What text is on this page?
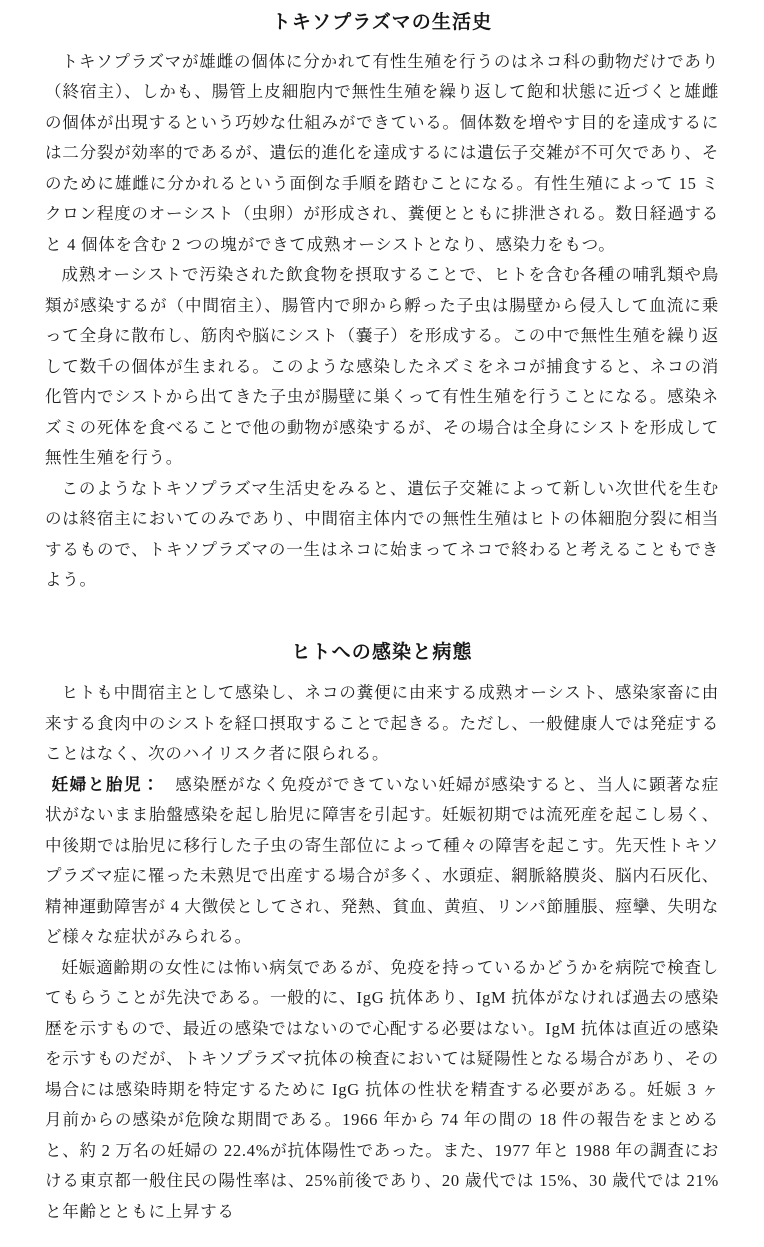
トキソプラズマの生活史

トキソプラズマが雄雌の個体に分かれて有性生殖を行うのはネコ科の動物だけであり（終宿主）、しかも、腸管上皮細胞内で無性生殖を繰り返して飽和状態に近づくと雄雌の個体が出現するという巧妙な仕組みができている。個体数を増やす目的を達成するには二分裂が効率的であるが、遺伝的進化を達成するには遺伝子交雑が不可欠であり、そのために雄雌に分かれるという面倒な手順を踏むことになる。有性生殖によって 15 ミクロン程度のオーシスト（虫卵）が形成され、糞便とともに排泄される。数日経過すると 4 個体を含む 2 つの塊ができて成熟オーシストとなり、感染力をもつ。

成熟オーシストで汚染された飲食物を摂取することで、ヒトを含む各種の哺乳類や鳥類が感染するが（中間宿主）、腸管内で卵から孵った子虫は腸壁から侵入して血流に乗って全身に散布し、筋肉や脳にシスト（嚢子）を形成する。この中で無性生殖を繰り返して数千の個体が生まれる。このような感染したネズミをネコが捕食すると、ネコの消化管内でシストから出てきた子虫が腸壁に巣くって有性生殖を行うことになる。感染ネズミの死体を食べることで他の動物が感染するが、その場合は全身にシストを形成して無性生殖を行う。

このようなトキソプラズマ生活史をみると、遺伝子交雑によって新しい次世代を生むのは終宿主においてのみであり、中間宿主体内での無性生殖はヒトの体細胞分裂に相当するもので、トキソプラズマの一生はネコに始まってネコで終わると考えることもできよう。

ヒトへの感染と病態

ヒトも中間宿主として感染し、ネコの糞便に由来する成熟オーシスト、感染家畜に由来する食肉中のシストを経口摂取することで起きる。ただし、一般健康人では発症することはなく、次のハイリスク者に限られる。

妊婦と胎児： 感染歴がなく免疫ができていない妊婦が感染すると、当人に顕著な症状がないまま胎盤感染を起し胎児に障害を引起す。妊娠初期では流死産を起こし易く、中後期では胎児に移行した子虫の寄生部位によって種々の障害を起こす。先天性トキソプラズマ症に罹った未熟児で出産する場合が多く、水頭症、網脈絡膜炎、脳内石灰化、精神運動障害が 4 大徴侯としてされ、発熱、貧血、黄疸、リンパ節腫脹、痙攣、失明など様々な症状がみられる。

妊娠適齢期の女性には怖い病気であるが、免疫を持っているかどうかを病院で検査してもらうことが先決である。一般的に、IgG 抗体あり、IgM 抗体がなければ過去の感染歴を示すもので、最近の感染ではないので心配する必要はない。IgM 抗体は直近の感染を示すものだが、トキソプラズマ抗体の検査においては疑陽性となる場合があり、その場合には感染時期を特定するために IgG 抗体の性状を精査する必要がある。妊娠 3 ヶ月前からの感染が危険な期間である。1966 年から 74 年の間の 18 件の報告をまとめると、約 2 万名の妊婦の 22.4%が抗体陽性であった。また、1977 年と 1988 年の調査における東京都一般住民の陽性率は、25%前後であり、20 歳代では 15%、30 歳代では 21%と年齢とともに上昇する
